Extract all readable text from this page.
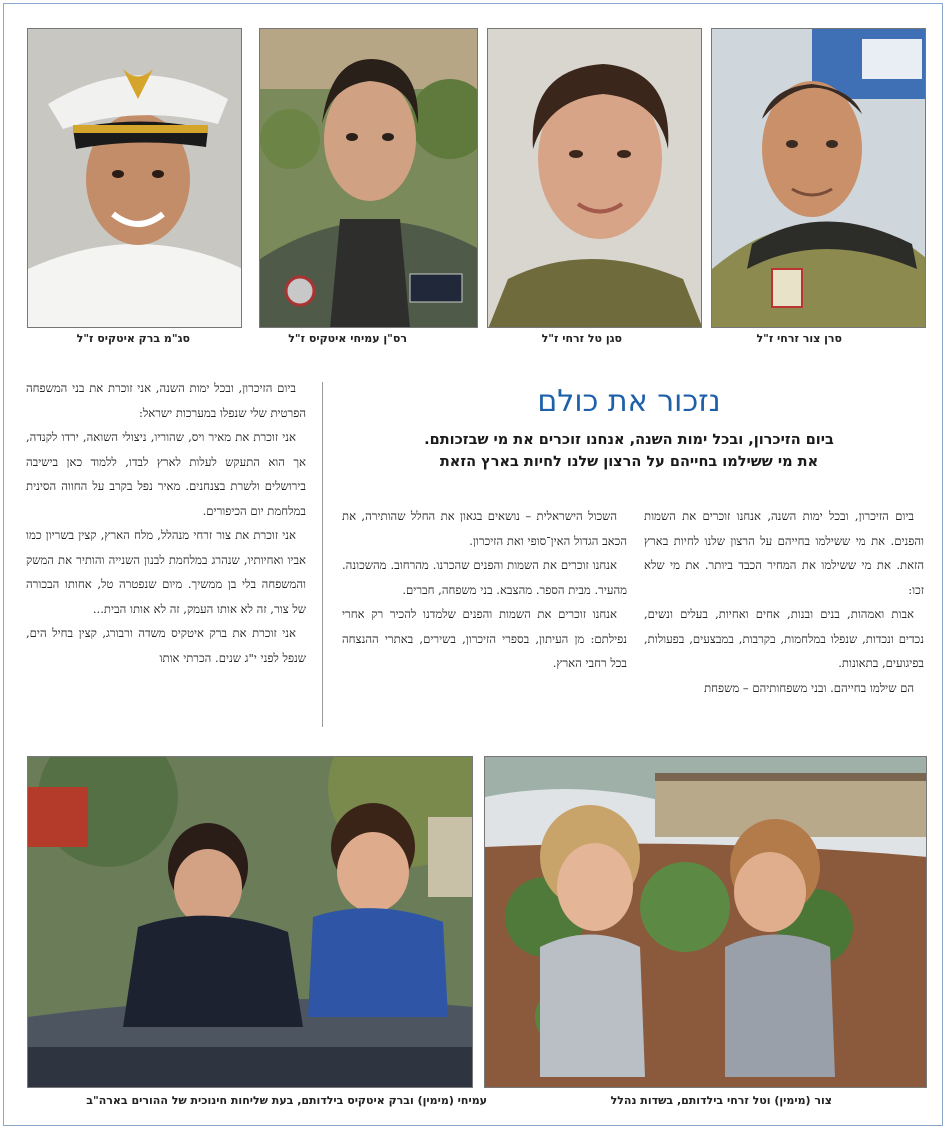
סרן צור זרחי ז"ל
סגן טל זרחי ז"ל
רס"ן עמיחי איטקיס ז"ל
סג"מ ברק איטקיס ז"ל
נזכור את כולם
ביום הזיכרון, ובכל ימות השנה, אנחנו זוכרים את מי שבזכותם.
את מי ששילמו בחייהם על הרצון שלנו לחיות בארץ הזאת

ביום הזיכרון, ובכל ימות השנה, אנחנו זוכרים את השמות והפנים. את מי ששילמו בחייהם על הרצון שלנו לחיות בארץ הזאת. את מי ששילמו את המחיר הכבד ביותר. את מי שלא זכו:

אבות ואמהות, בנים ובנות, אחים ואחיות, בעלים ונשים, נכדים ונכדות, שנפלו במלחמות, בקרבות, במבצעים, בפעולות, בפיגועים, בתאונות.

הם שילמו בחייהם. ובני משפחותיהם – משפחת

השכול הישראלית – נושאים בגאון את החלל שהותירה, את הכאב הגדול האין־סופי ואת הזיכרון.

אנחנו זוכרים את השמות והפנים שהכרנו. מהרחוב. מהשכונה. מהעיר. מבית הספר. מהצבא. בני משפחה, חברים.

אנחנו זוכרים את השמות והפנים שלמדנו להכיר רק אחרי נפילתם: מן העיתון, בספרי הזיכרון, בשירים, באתרי ההנצחה בכל רחבי הארץ.

ביום הזיכרון, ובכל ימות השנה, אני זוכרת את בני המשפחה הפרטית שלי שנפלו במערכות ישראל:

אני זוכרת את מאיר ויס, שהוריו, ניצולי השואה, ירדו לקנדה, אך הוא התעקש לעלות לארץ לבדו, ללמוד כאן בישיבה בירושלים ולשרת בצנחנים. מאיר נפל בקרב על החווה הסינית במלחמת יום הכיפורים.

אני זוכרת את צור זרחי מנהלל, מלח הארץ, קצין בשריון כמו אביו ואחיותיו, שנהרג במלחמת לבנון השנייה והותיר את המשק והמשפחה בלי בן ממשיך. מיום שנפטרה טל, אחותו הבכורה של צור, זה לא אותו העמק, זה לא אותו הבית...

אני זוכרת את ברק איטקיס משדה ורבורג, קצין בחיל הים, שנפל לפני י"ג שנים. הכרתי אותו

צור (מימין) וטל זרחי בילדותם, בשדות נהלל
עמיחי (מימין) וברק איטקיס בילדותם, בעת שליחות חינוכית של ההורים בארה"ב
